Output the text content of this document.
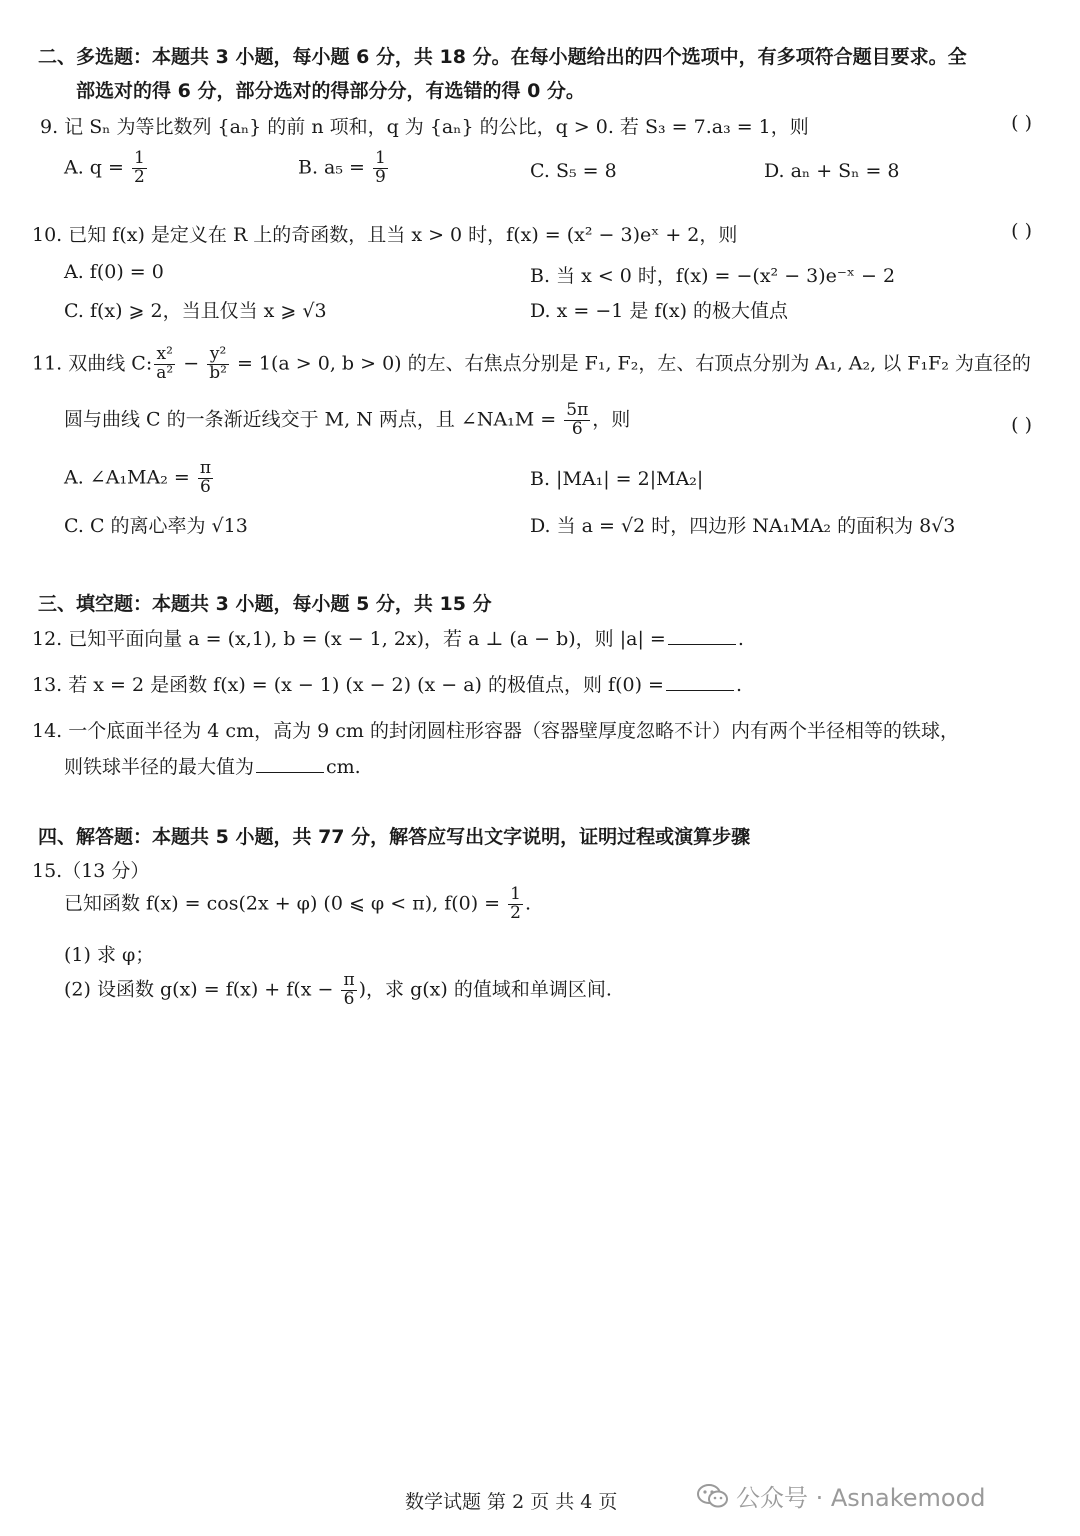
二、多选题：本题共 3 小题，每小题 6 分，共 18 分。在每小题给出的四个选项中，有多项符合题目要求。全
部选对的得 6 分，部分选对的得部分分，有选错的得 0 分。
9. 记 Sₙ 为等比数列 {aₙ} 的前 n 项和，q 为 {aₙ} 的公比，q > 0. 若 S₃ = 7.a₃ = 1，则	( )
A. $q = \frac{1}{2}$	B. $a_5 = \frac{1}{9}$	C. S₅ = 8	D. aₙ + Sₙ = 8
10. 已知 f(x) 是定义在 R 上的奇函数，且当 x > 0 时，f(x) = (x² − 3)eˣ + 2，则	( )
A. f(0) = 0	B. 当 x < 0 时，f(x) = −(x² − 3)e⁻ˣ − 2
C. f(x) ⩾ 2，当且仅当 x ⩾ √3	D. x = −1 是 f(x) 的极大值点
11. 双曲线 C: $\frac{\text{x²}}{\text{a²}} - \frac{\text{y²}}{\text{b²}} = 1(a > 0$, b > 0) 的左、右焦点分别是 F₁, F₂，左、右顶点分别为 A₁, A₂, 以 F₁F₂ 为直径的
圆与曲线 C 的一条渐近线交于 M, N 两点，且 ∠NA₁M = $\frac{5\pi}{6}$ ，则	( )
A. ∠A₁MA₂ = $\frac{\pi}{6}$	B. |MA₁| = 2|MA₂|
C. C 的离心率为 √13	D. 当 a = √2 时，四边形 NA₁MA₂ 的面积为 8√3
三、填空题：本题共 3 小题，每小题 5 分，共 15 分
12. 已知平面向量 a = (x,1), b = (x − 1, 2x)，若 a ⊥ (a − b)，则 |a| =	.
13. 若 x = 2 是函数 f(x) = (x − 1) (x − 2) (x − a) 的极值点，则 f(0) =	.
14. 一个底面半径为 4 cm，高为 9 cm 的封闭圆柱形容器（容器壁厚度忽略不计）内有两个半径相等的铁球，
则铁球半径的最大值为	cm.
四、解答题：本题共 5 小题，共 77 分，解答应写出文字说明，证明过程或演算步骤
15.（13 分）
已知函数 f(x) = cos(2x + φ) (0 ⩽ φ < π), $f(0) = \frac{1}{2}$ .
(1) 求 φ；
(2) 设函数 $g(x) = f(x) + f(x - \frac{\pi}{6}$ )，求 g(x) 的值域和单调区间.
数学试题 第 2 页 共 4 页	公众号 · Asnakemood
